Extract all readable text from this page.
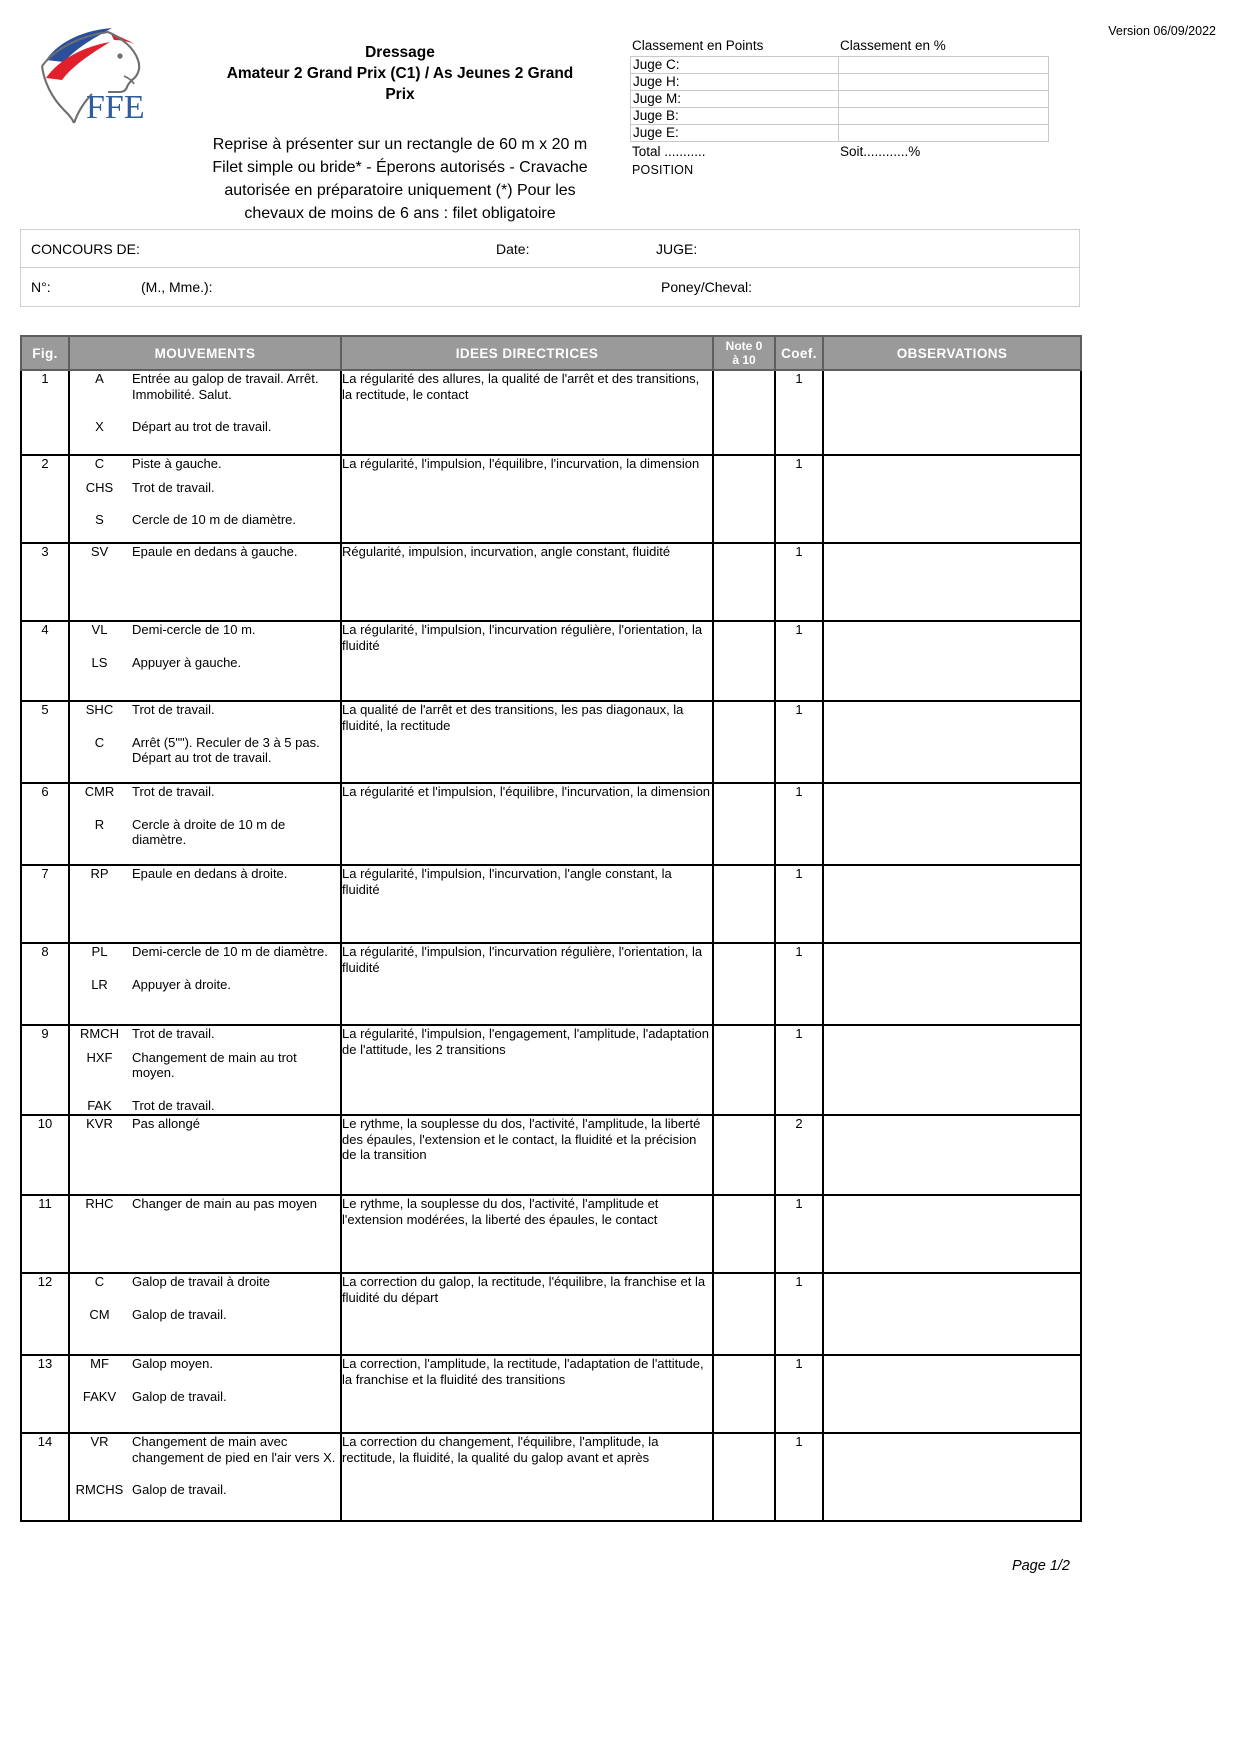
FFE
Dressage
Amateur 2 Grand Prix (C1) / As Jeunes 2 Grand
Prix
Reprise à présenter sur un rectangle de 60 m x 20 m
Filet simple ou bride* - Éperons autorisés - Cravache
autorisée en préparatoire uniquement (*) Pour les
chevaux de moins de 6 ans : filet obligatoire
Version 06/09/2022
Classement en Points	Classement en %
Juge C:	
Juge H:	
Juge M:	
Juge B:	
Juge E:	
Total ...........	Soit............%
POSITION
CONCOURS DE:	Date:	JUGE:
N°:	(M., Mme.):	Poney/Cheval:
Fig.	MOUVEMENTS	IDEES DIRECTRICES	Note 0
à 10	Coef.	OBSERVATIONS
1	A Entrée au galop de travail. Arrêt. Immobilité. Salut.
X Départ au trot de travail.	La régularité des allures, la qualité de l'arrêt et des transitions, la rectitude, le contact		1	
2	C	Piste à gauche.
CHS	Trot de travail.
S	Cercle de 10 m de diamètre.
	La régularité, l'impulsion, l'équilibre, l'incurvation, la dimension		1	
3	SV Epaule en dedans à gauche.	Régularité, impulsion, incurvation, angle constant, fluidité		1	
4	VL Demi-cercle de 10 m.
LS Appuyer à gauche.	La régularité, l'impulsion, l'incurvation régulière, l'orientation, la fluidité		1	
5	SHC Trot de travail.
C Arrêt (5""). Reculer de 3 à 5 pas. Départ au trot de travail.	La qualité de l'arrêt et des transitions, les pas diagonaux, la fluidité, la rectitude		1	
6	CMR Trot de travail.
R Cercle à droite de 10 m de diamètre.	La régularité et l'impulsion, l'équilibre, l'incurvation, la dimension		1	
7	RP Epaule en dedans à droite.	La régularité, l'impulsion, l'incurvation, l'angle constant, la fluidité		1	
8	PL Demi-cercle de 10 m de diamètre.
LR Appuyer à droite.	La régularité, l'impulsion, l'incurvation régulière, l'orientation, la fluidité		1	
9	RMCH	Trot de travail.
HXF	Changement de main au trot moyen.
FAK	Trot de travail.
	La régularité, l'impulsion, l'engagement, l'amplitude, l'adaptation de l'attitude, les 2 transitions		1	
10	KVR Pas allongé	Le rythme, la souplesse du dos, l'activité, l'amplitude, la liberté des épaules, l'extension et le contact, la fluidité et la précision de la transition		2	
11	RHC Changer de main au pas moyen	Le rythme, la souplesse du dos, l'activité, l'amplitude et l'extension modérées, la liberté des épaules, le contact		1	
12	C Galop de travail à droite
CM Galop de travail.	La correction du galop, la rectitude, l'équilibre, la franchise et la fluidité du départ		1	
13	MF Galop moyen.
FAKV Galop de travail.	La correction, l'amplitude, la rectitude, l'adaptation de l'attitude, la franchise et la fluidité des transitions		1	
14	VR Changement de main avec changement de pied en l'air vers X.
RMCHS Galop de travail.	La correction du changement, l'équilibre, l'amplitude, la rectitude, la fluidité, la qualité du galop avant et après		1	
Page 1/2
